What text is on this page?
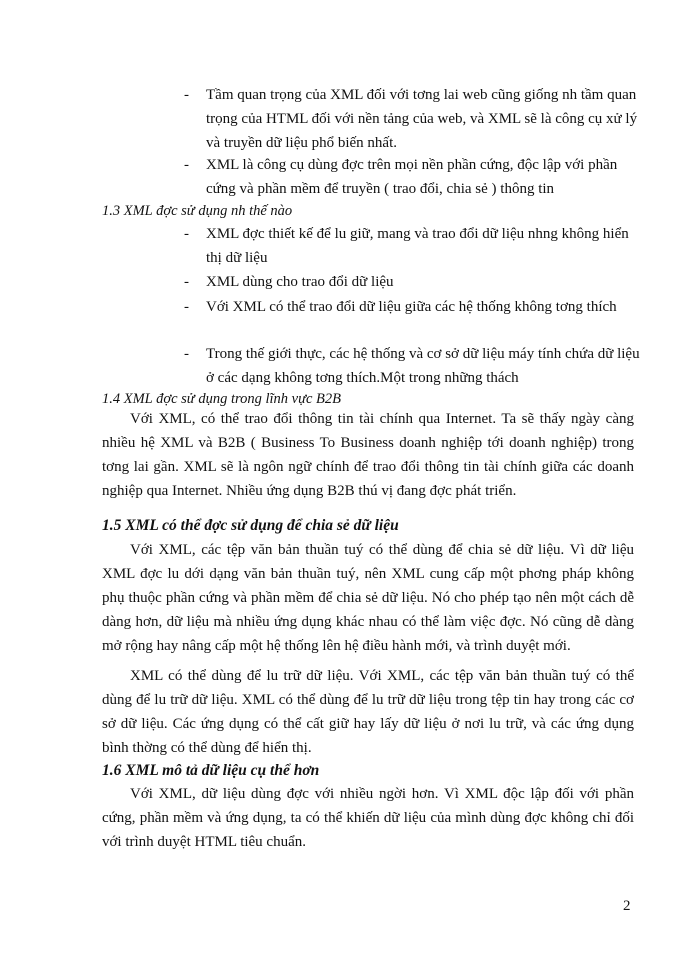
- Tầm quan trọng của XML đối với tơng lai web cũng giống nh tầm quan trọng của HTML đối với nền tảng của web, và XML sẽ là công cụ xử lý và truyền dữ liệu phổ biến nhất.
- XML là công cụ dùng đợc trên mọi nền phần cứng, độc lập với phần cứng và phần mềm để truyền ( trao đổi, chia sẻ ) thông tin
1.3 XML đợc sử dụng nh thế nào
- XML đợc thiết kế để lu giữ, mang và trao đổi dữ liệu nhng không hiển thị dữ liệu
- XML dùng cho trao đổi dữ liệu
- Với XML có thể trao đổi dữ liệu giữa các hệ thống không tơng thích
- Trong thế giới thực, các hệ thống và cơ sở dữ liệu máy tính chứa dữ liệu ở các dạng không tơng thích.Một trong những thách
1.4 XML đợc sử dụng trong lĩnh vực B2B
Với XML, có thể trao đổi thông tin tài chính qua Internet. Ta sẽ thấy ngày càng nhiều hệ XML và B2B ( Business To Business doanh nghiệp tới doanh nghiệp) trong tơng lai gần. XML sẽ là ngôn ngữ chính để trao đổi thông tin tài chính giữa các doanh nghiệp qua Internet. Nhiều ứng dụng B2B thú vị đang đợc phát triển.
1.5 XML có thể đợc sử dụng để chia sẻ dữ liệu
Với XML, các tệp văn bản thuần tuý có thể dùng để chia sẻ dữ liệu. Vì dữ liệu XML đợc lu dới dạng văn bản thuần tuý, nên XML cung cấp một phơng pháp không phụ thuộc phần cứng và phần mềm để chia sẻ dữ liệu. Nó cho phép tạo nên một cách dễ dàng hơn, dữ liệu mà nhiều ứng dụng khác nhau có thể làm việc đợc. Nó cũng dễ dàng mở rộng hay nâng cấp một hệ thống lên hệ điều hành mới, và trình duyệt mới.
XML có thể dùng để lu trữ dữ liệu. Với XML, các tệp văn bản thuần tuý có thể dùng để lu trữ dữ liệu. XML có thể dùng để lu trữ dữ liệu trong tệp tin hay trong các cơ sở dữ liệu. Các ứng dụng có thể cất giữ hay lấy dữ liệu ở nơi lu trữ, và các ứng dụng bình thờng có thể dùng để hiển thị.
1.6 XML mô tả dữ liệu cụ thể hơn
Với XML, dữ liệu dùng đợc với nhiều ngời hơn. Vì XML độc lập đối với phần cứng, phần mềm và ứng dụng, ta có thể khiến dữ liệu của mình dùng đợc không chỉ đối với trình duyệt HTML tiêu chuẩn.
2
